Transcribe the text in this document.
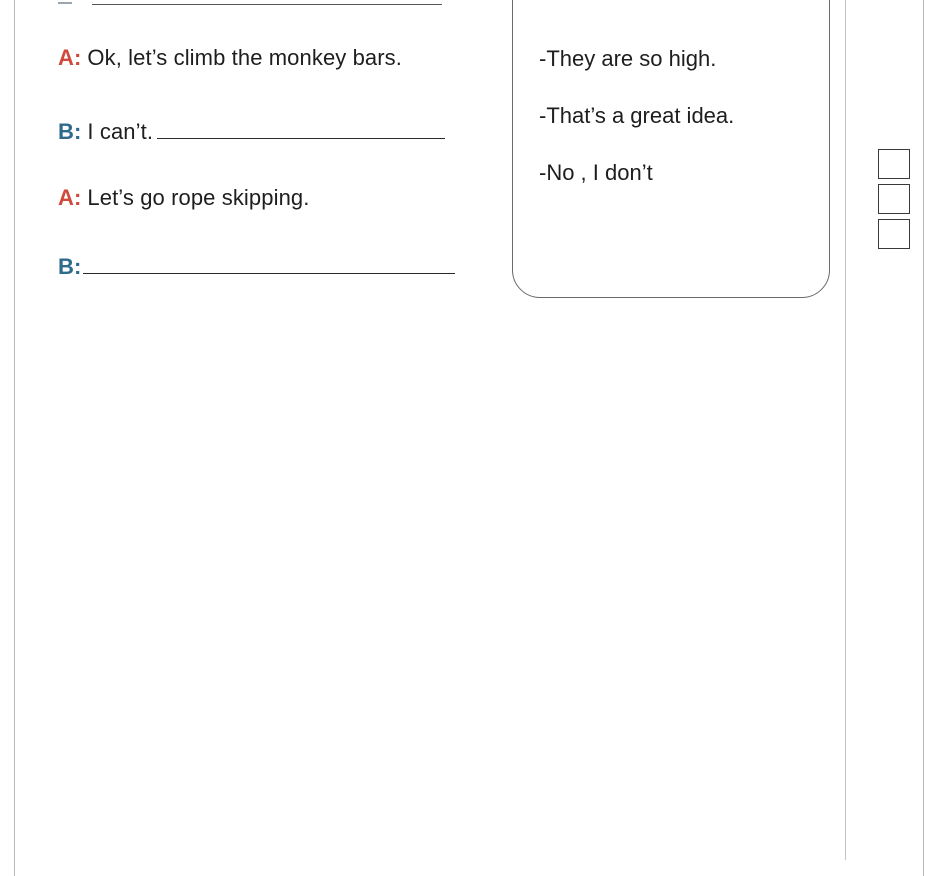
A: Ok, let’s climb the monkey bars.
B: I can’t.
A: Let’s go rope skipping.
B:
-They are so high.
-That’s a great idea.
-No , I don’t
